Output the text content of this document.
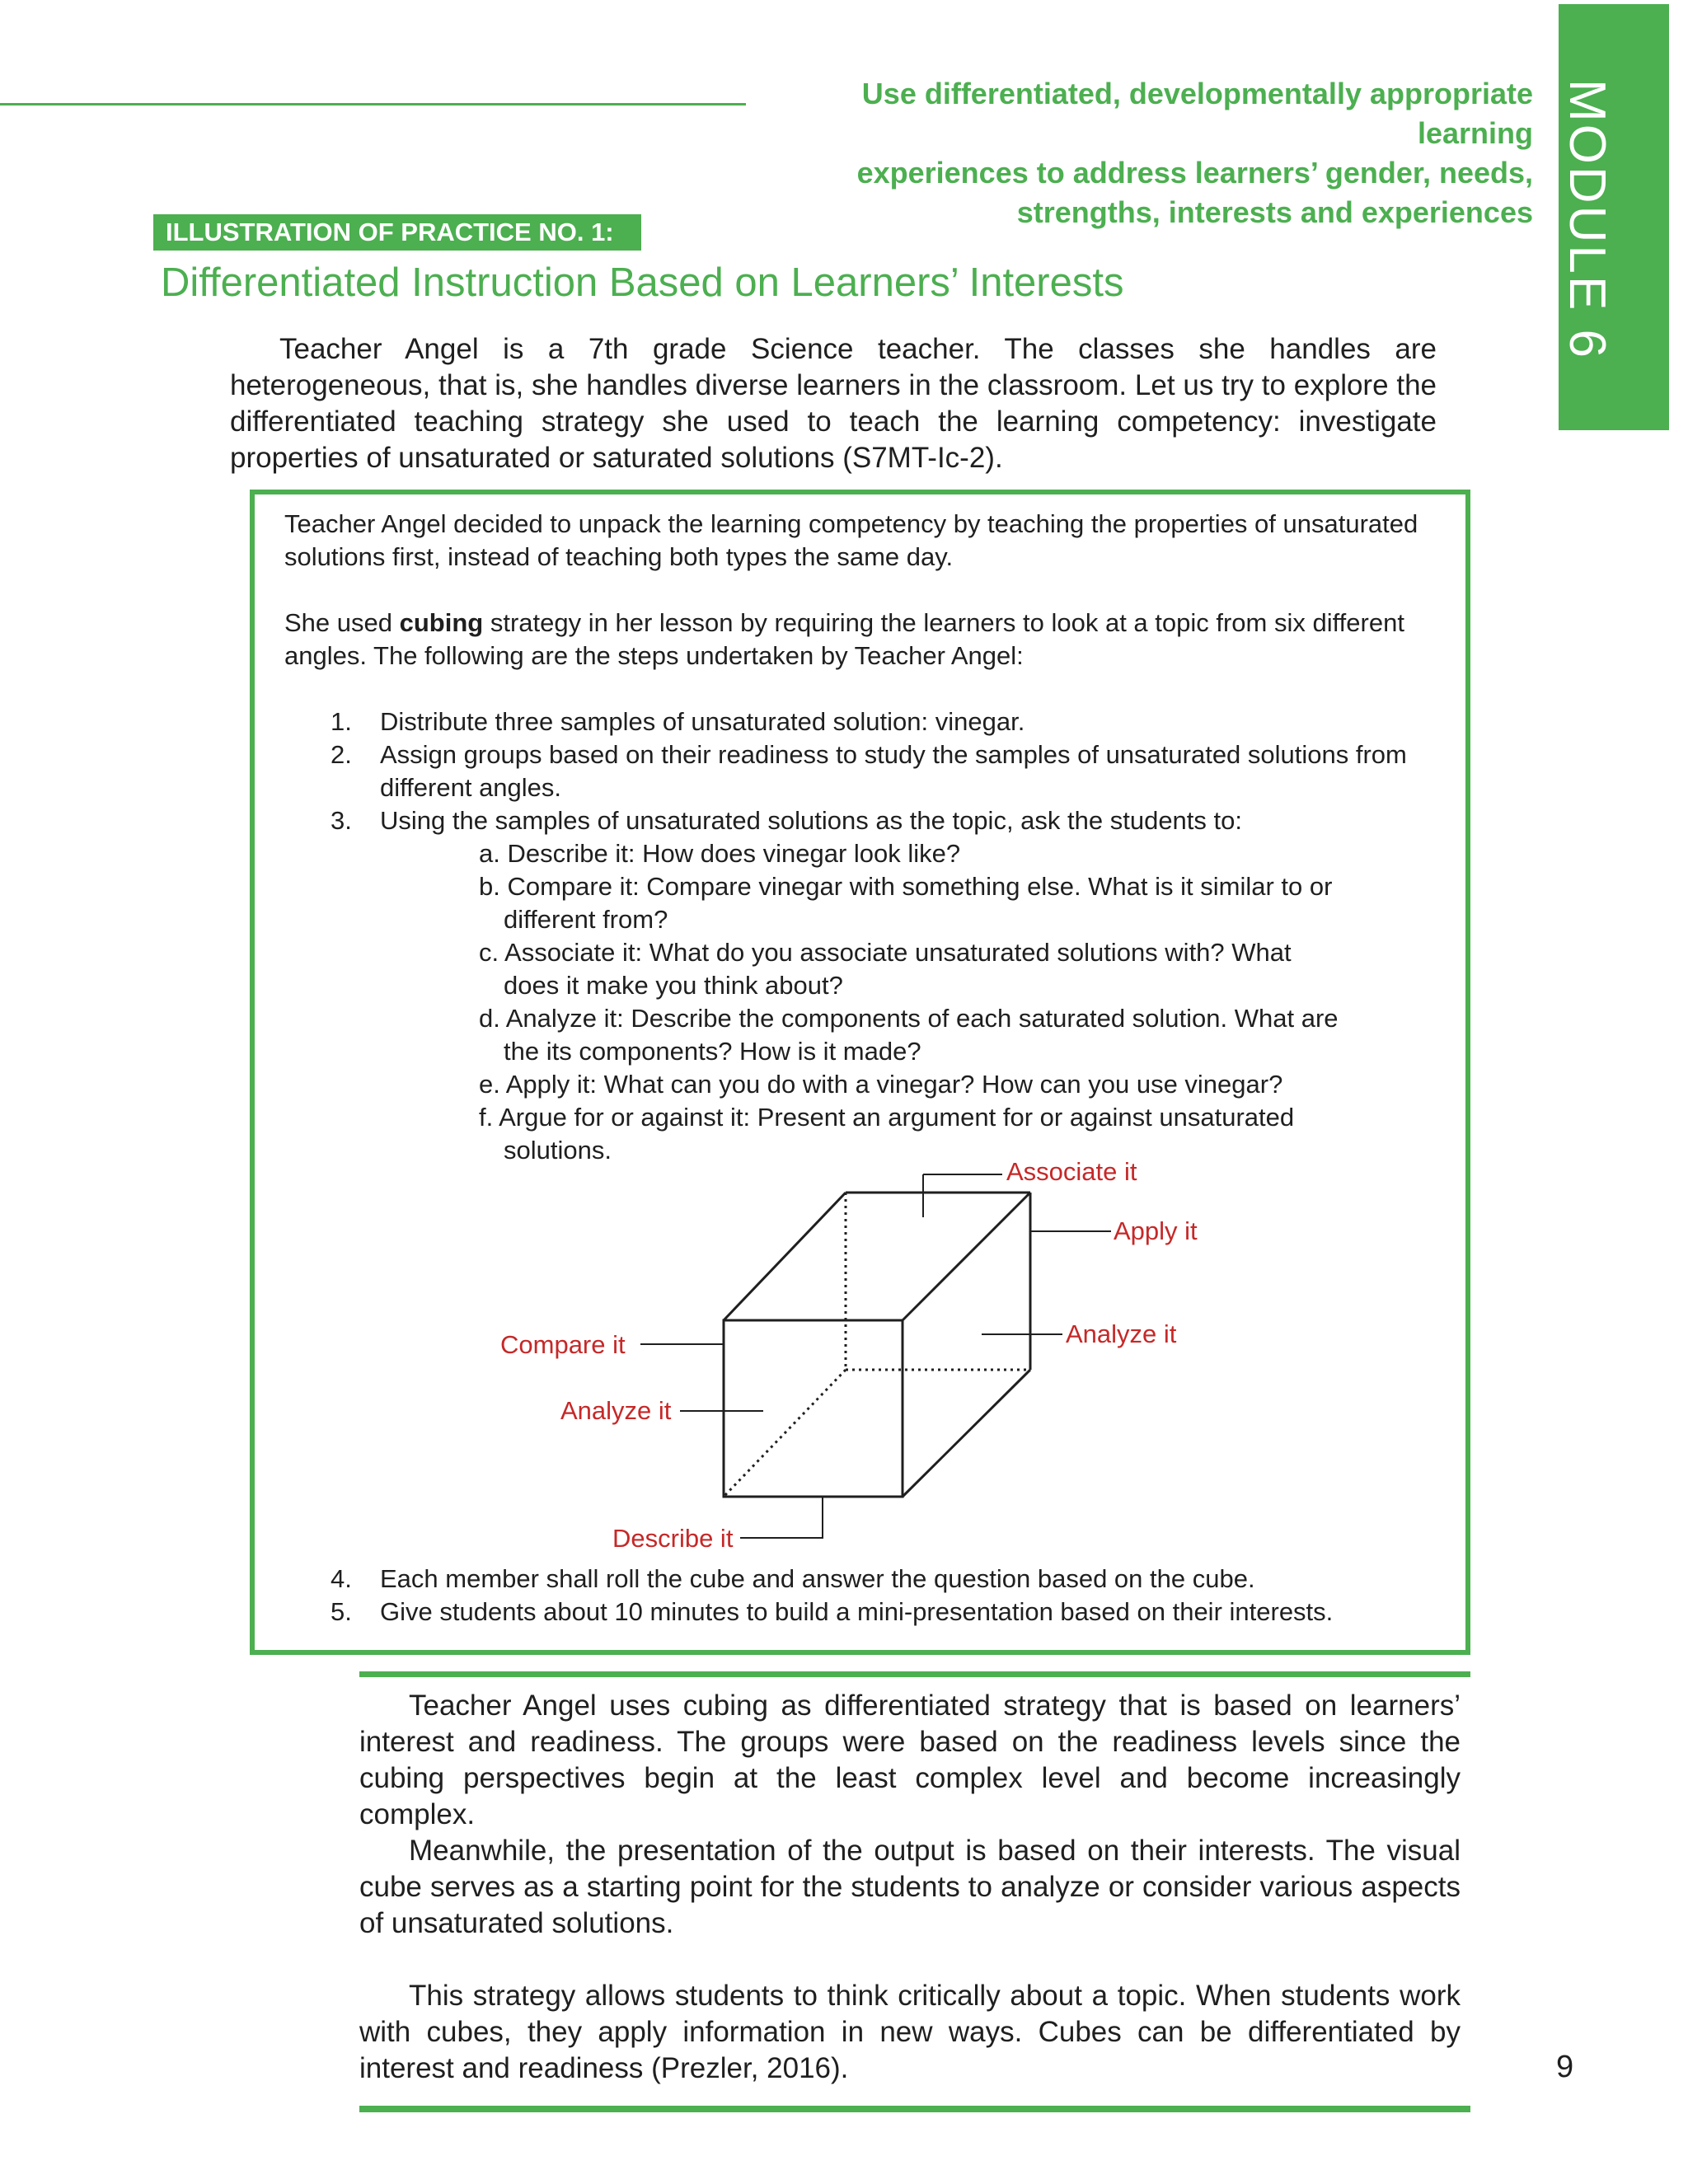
Use differentiated, developmentally appropriate learning
experiences to address learners’ gender, needs,
strengths, interests and experiences MODULE 6
ILLUSTRATION OF PRACTICE NO. 1:
Differentiated Instruction Based on Learners’ Interests

Teacher Angel is a 7th grade Science teacher. The classes she handles are heterogeneous, that is, she handles diverse learners in the classroom. Let us try to explore the differentiated teaching strategy she used to teach the learning competency: investigate properties of unsaturated or saturated solutions (S7MT-Ic-2).

Teacher Angel decided to unpack the learning competency by teaching the properties of unsaturated solutions first, instead of teaching both types the same day.

She used cubing strategy in her lesson by requiring the learners to look at a topic from six different angles. The following are the steps undertaken by Teacher Angel:

1. Distribute three samples of unsaturated solution: vinegar.
2. Assign groups based on their readiness to study the samples of unsaturated solutions from
different angles.
3. Using the samples of unsaturated solutions as the topic, ask the students to:
a. Describe it: How does vinegar look like?
b. Compare it: Compare vinegar with something else. What is it similar to or
different from?
c. Associate it: What do you associate unsaturated solutions with? What
does it make you think about?
d. Analyze it: Describe the components of each saturated solution. What are
the its components? How is it made?
e. Apply it: What can you do with a vinegar? How can you use vinegar?
f. Argue for or against it: Present an argument for or against unsaturated
solutions.
4. Each member shall roll the cube and answer the question based on the cube.
5. Give students about 10 minutes to build a mini-presentation based on their interests.
Associate it
Apply it
Analyze it
Compare it
Analyze it
Describe it

Teacher Angel uses cubing as differentiated strategy that is based on learners’ interest and readiness. The groups were based on the readiness levels since the cubing perspectives begin at the least complex level and become increasingly complex.

Meanwhile, the presentation of the output is based on their interests. The visual cube serves as a starting point for the students to analyze or consider various aspects of unsaturated solutions.

This strategy allows students to think critically about a topic. When students work with cubes, they apply information in new ways. Cubes can be differentiated by interest and readiness (Prezler, 2016).	9
